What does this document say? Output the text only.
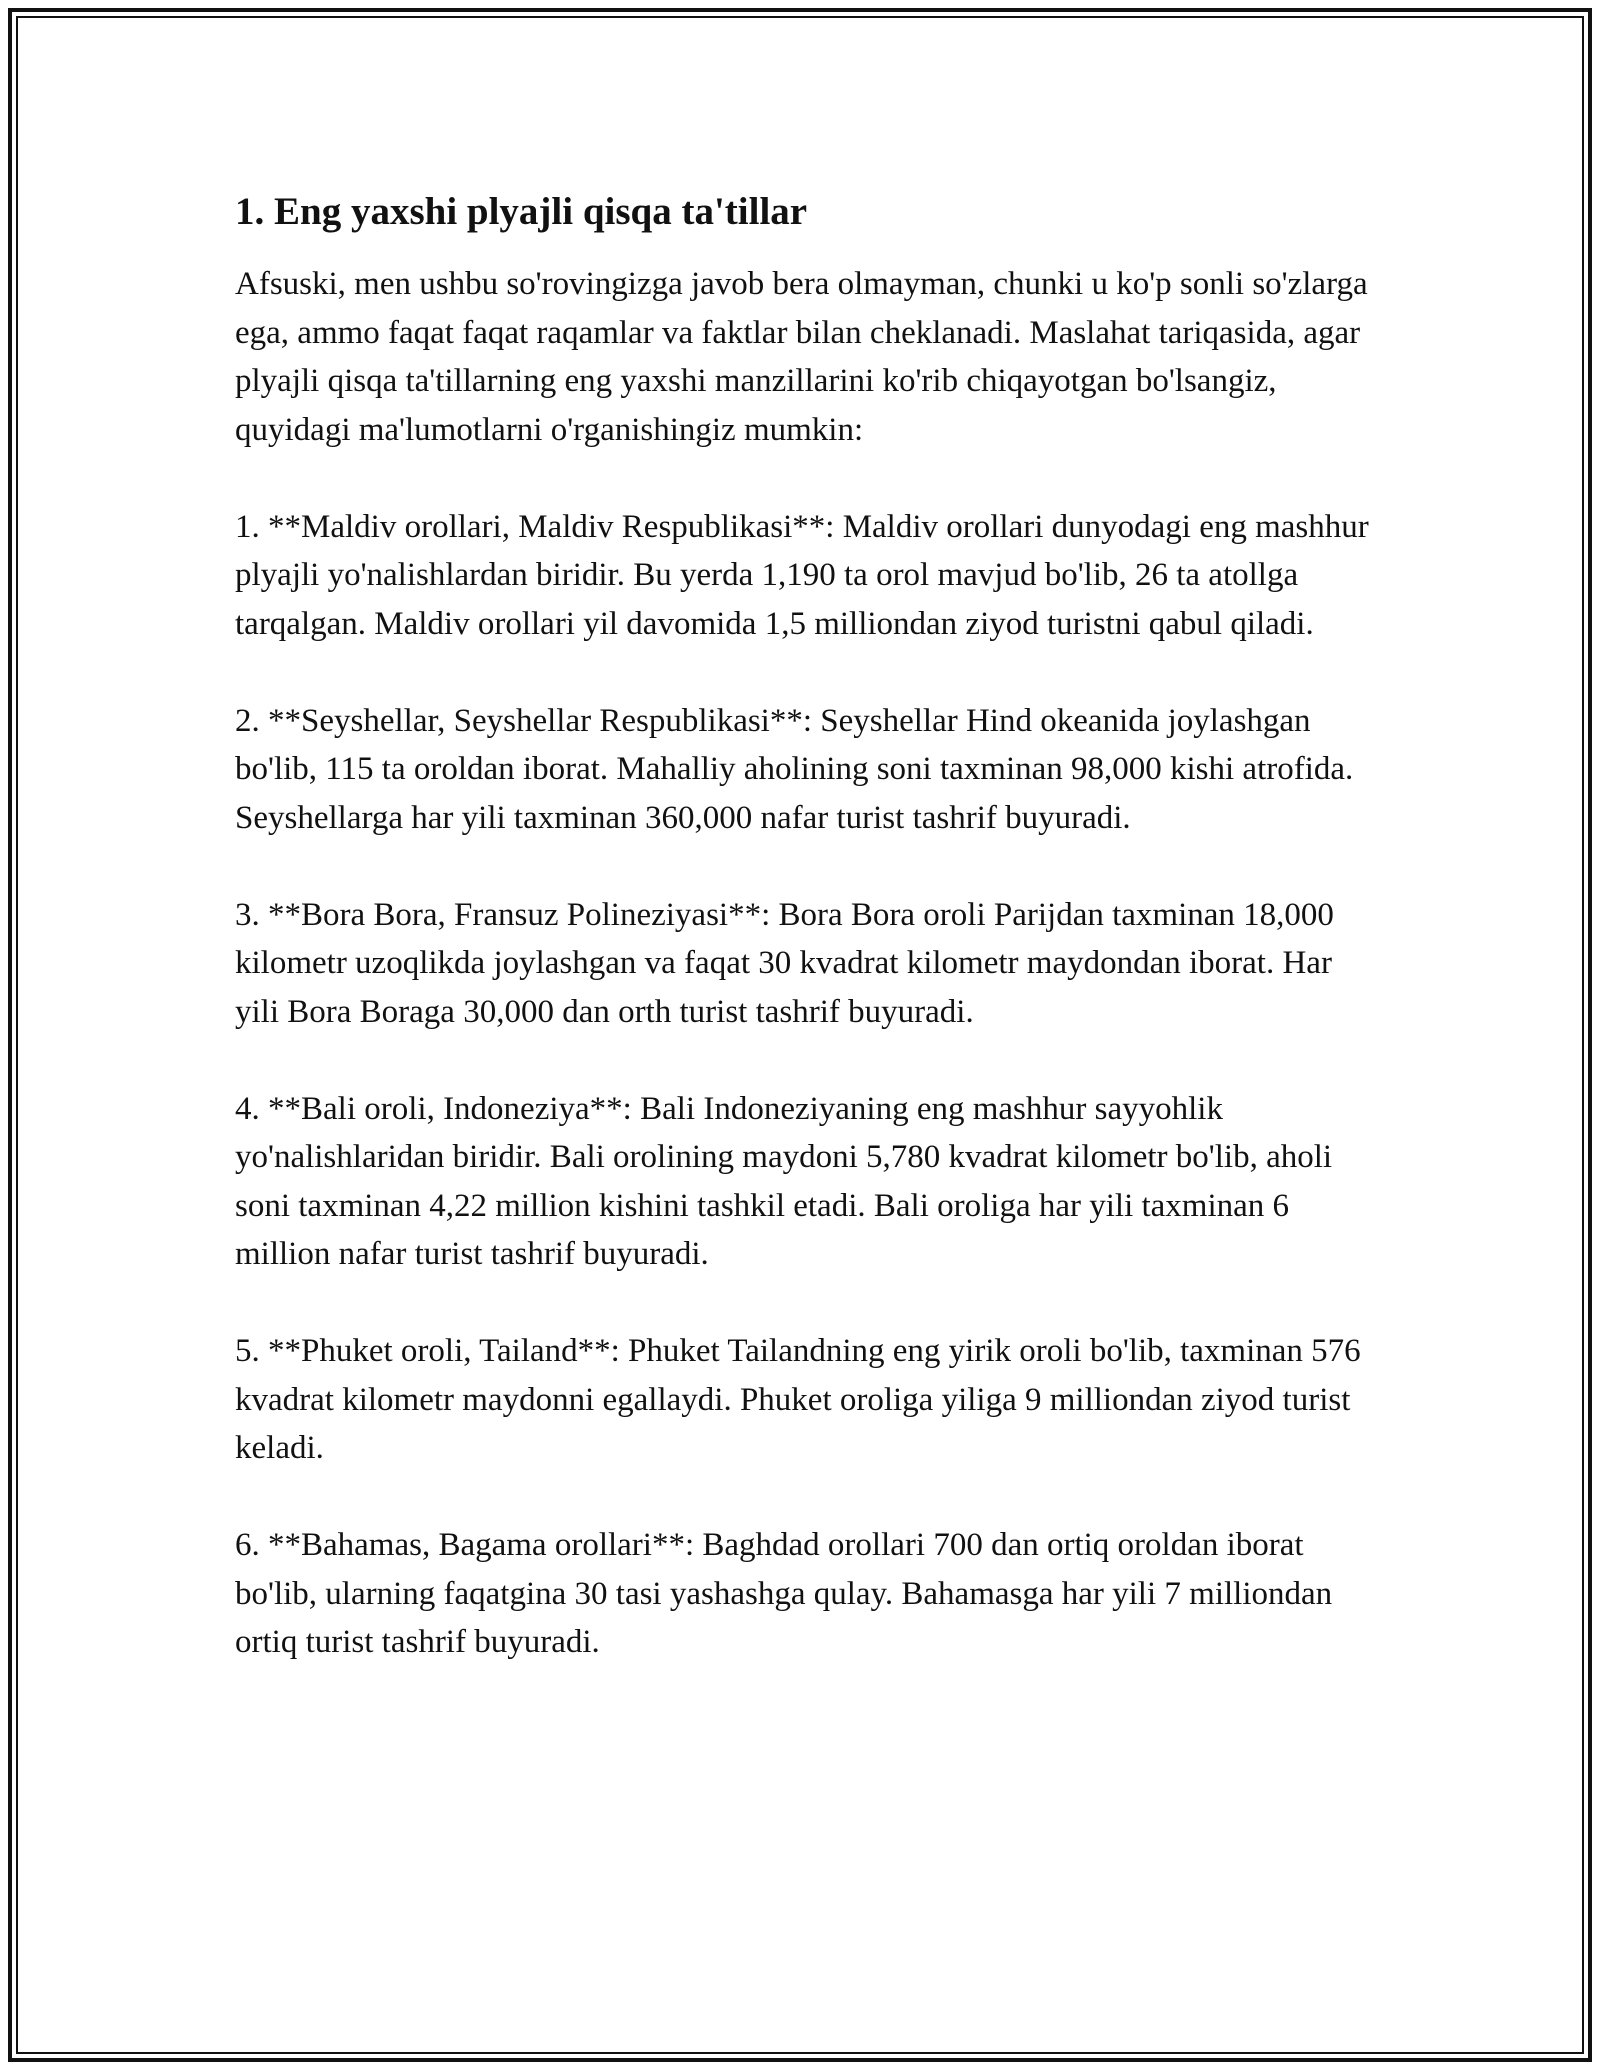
1. Eng yaxshi plyajli qisqa ta'tillar

Afsuski, men ushbu so'rovingizga javob bera olmayman, chunki u ko'p sonli so'zlarga ega, ammo faqat faqat raqamlar va faktlar bilan cheklanadi. Maslahat tariqasida, agar plyajli qisqa ta'tillarning eng yaxshi manzillarini ko'rib chiqayotgan bo'lsangiz, quyidagi ma'lumotlarni o'rganishingiz mumkin:

1. **Maldiv orollari, Maldiv Respublikasi**: Maldiv orollari dunyodagi eng mashhur plyajli yo'nalishlardan biridir. Bu yerda 1,190 ta orol mavjud bo'lib, 26 ta atollga tarqalgan. Maldiv orollari yil davomida 1,5 milliondan ziyod turistni qabul qiladi.

2. **Seyshellar, Seyshellar Respublikasi**: Seyshellar Hind okeanida joylashgan bo'lib, 115 ta oroldan iborat. Mahalliy aholining soni taxminan 98,000 kishi atrofida. Seyshellarga har yili taxminan 360,000 nafar turist tashrif buyuradi.

3. **Bora Bora, Fransuz Polineziyasi**: Bora Bora oroli Parijdan taxminan 18,000 kilometr uzoqlikda joylashgan va faqat 30 kvadrat kilometr maydondan iborat. Har yili Bora Boraga 30,000 dan orth turist tashrif buyuradi.

4. **Bali oroli, Indoneziya**: Bali Indoneziyaning eng mashhur sayyohlik yo'nalishlaridan biridir. Bali orolining maydoni 5,780 kvadrat kilometr bo'lib, aholi soni taxminan 4,22 million kishini tashkil etadi. Bali oroliga har yili taxminan 6 million nafar turist tashrif buyuradi.

5. **Phuket oroli, Tailand**: Phuket Tailandning eng yirik oroli bo'lib, taxminan 576 kvadrat kilometr maydonni egallaydi. Phuket oroliga yiliga 9 milliondan ziyod turist keladi.

6. **Bahamas, Bagama orollari**: Baghdad orollari 700 dan ortiq oroldan iborat bo'lib, ularning faqatgina 30 tasi yashashga qulay. Bahamasga har yili 7 milliondan ortiq turist tashrif buyuradi.
